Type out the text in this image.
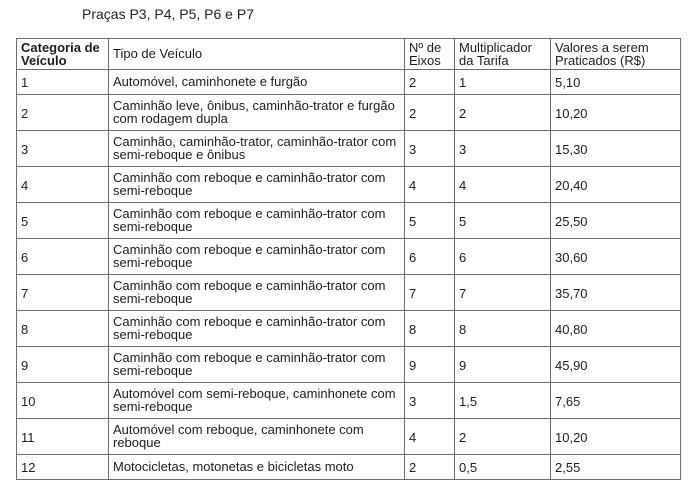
Praças P3, P4, P5, P6 e P7
Categoria de Veículo	Tipo de Veículo	Nº de Eixos	Multiplicador da Tarifa	Valores a serem Praticados (R$)
1	Automóvel, caminhonete e furgão	2	1	5,10
2	Caminhão leve, ônibus, caminhão-trator e furgão com rodagem dupla	2	2	10,20
3	Caminhão, caminhão-trator, caminhão-trator com semi-reboque e ônibus	3	3	15,30
4	Caminhão com reboque e caminhão-trator com semi-reboque	4	4	20,40
5	Caminhão com reboque e caminhão-trator com semi-reboque	5	5	25,50
6	Caminhão com reboque e caminhão-trator com semi-reboque	6	6	30,60
7	Caminhão com reboque e caminhão-trator com semi-reboque	7	7	35,70
8	Caminhão com reboque e caminhão-trator com semi-reboque	8	8	40,80
9	Caminhão com reboque e caminhão-trator com semi-reboque	9	9	45,90
10	Automóvel com semi-reboque, caminhonete com semi-reboque	3	1,5	7,65
11	Automóvel com reboque, caminhonete com reboque	4	2	10,20
12	Motocicletas, motonetas e bicicletas moto	2	0,5	2,55
